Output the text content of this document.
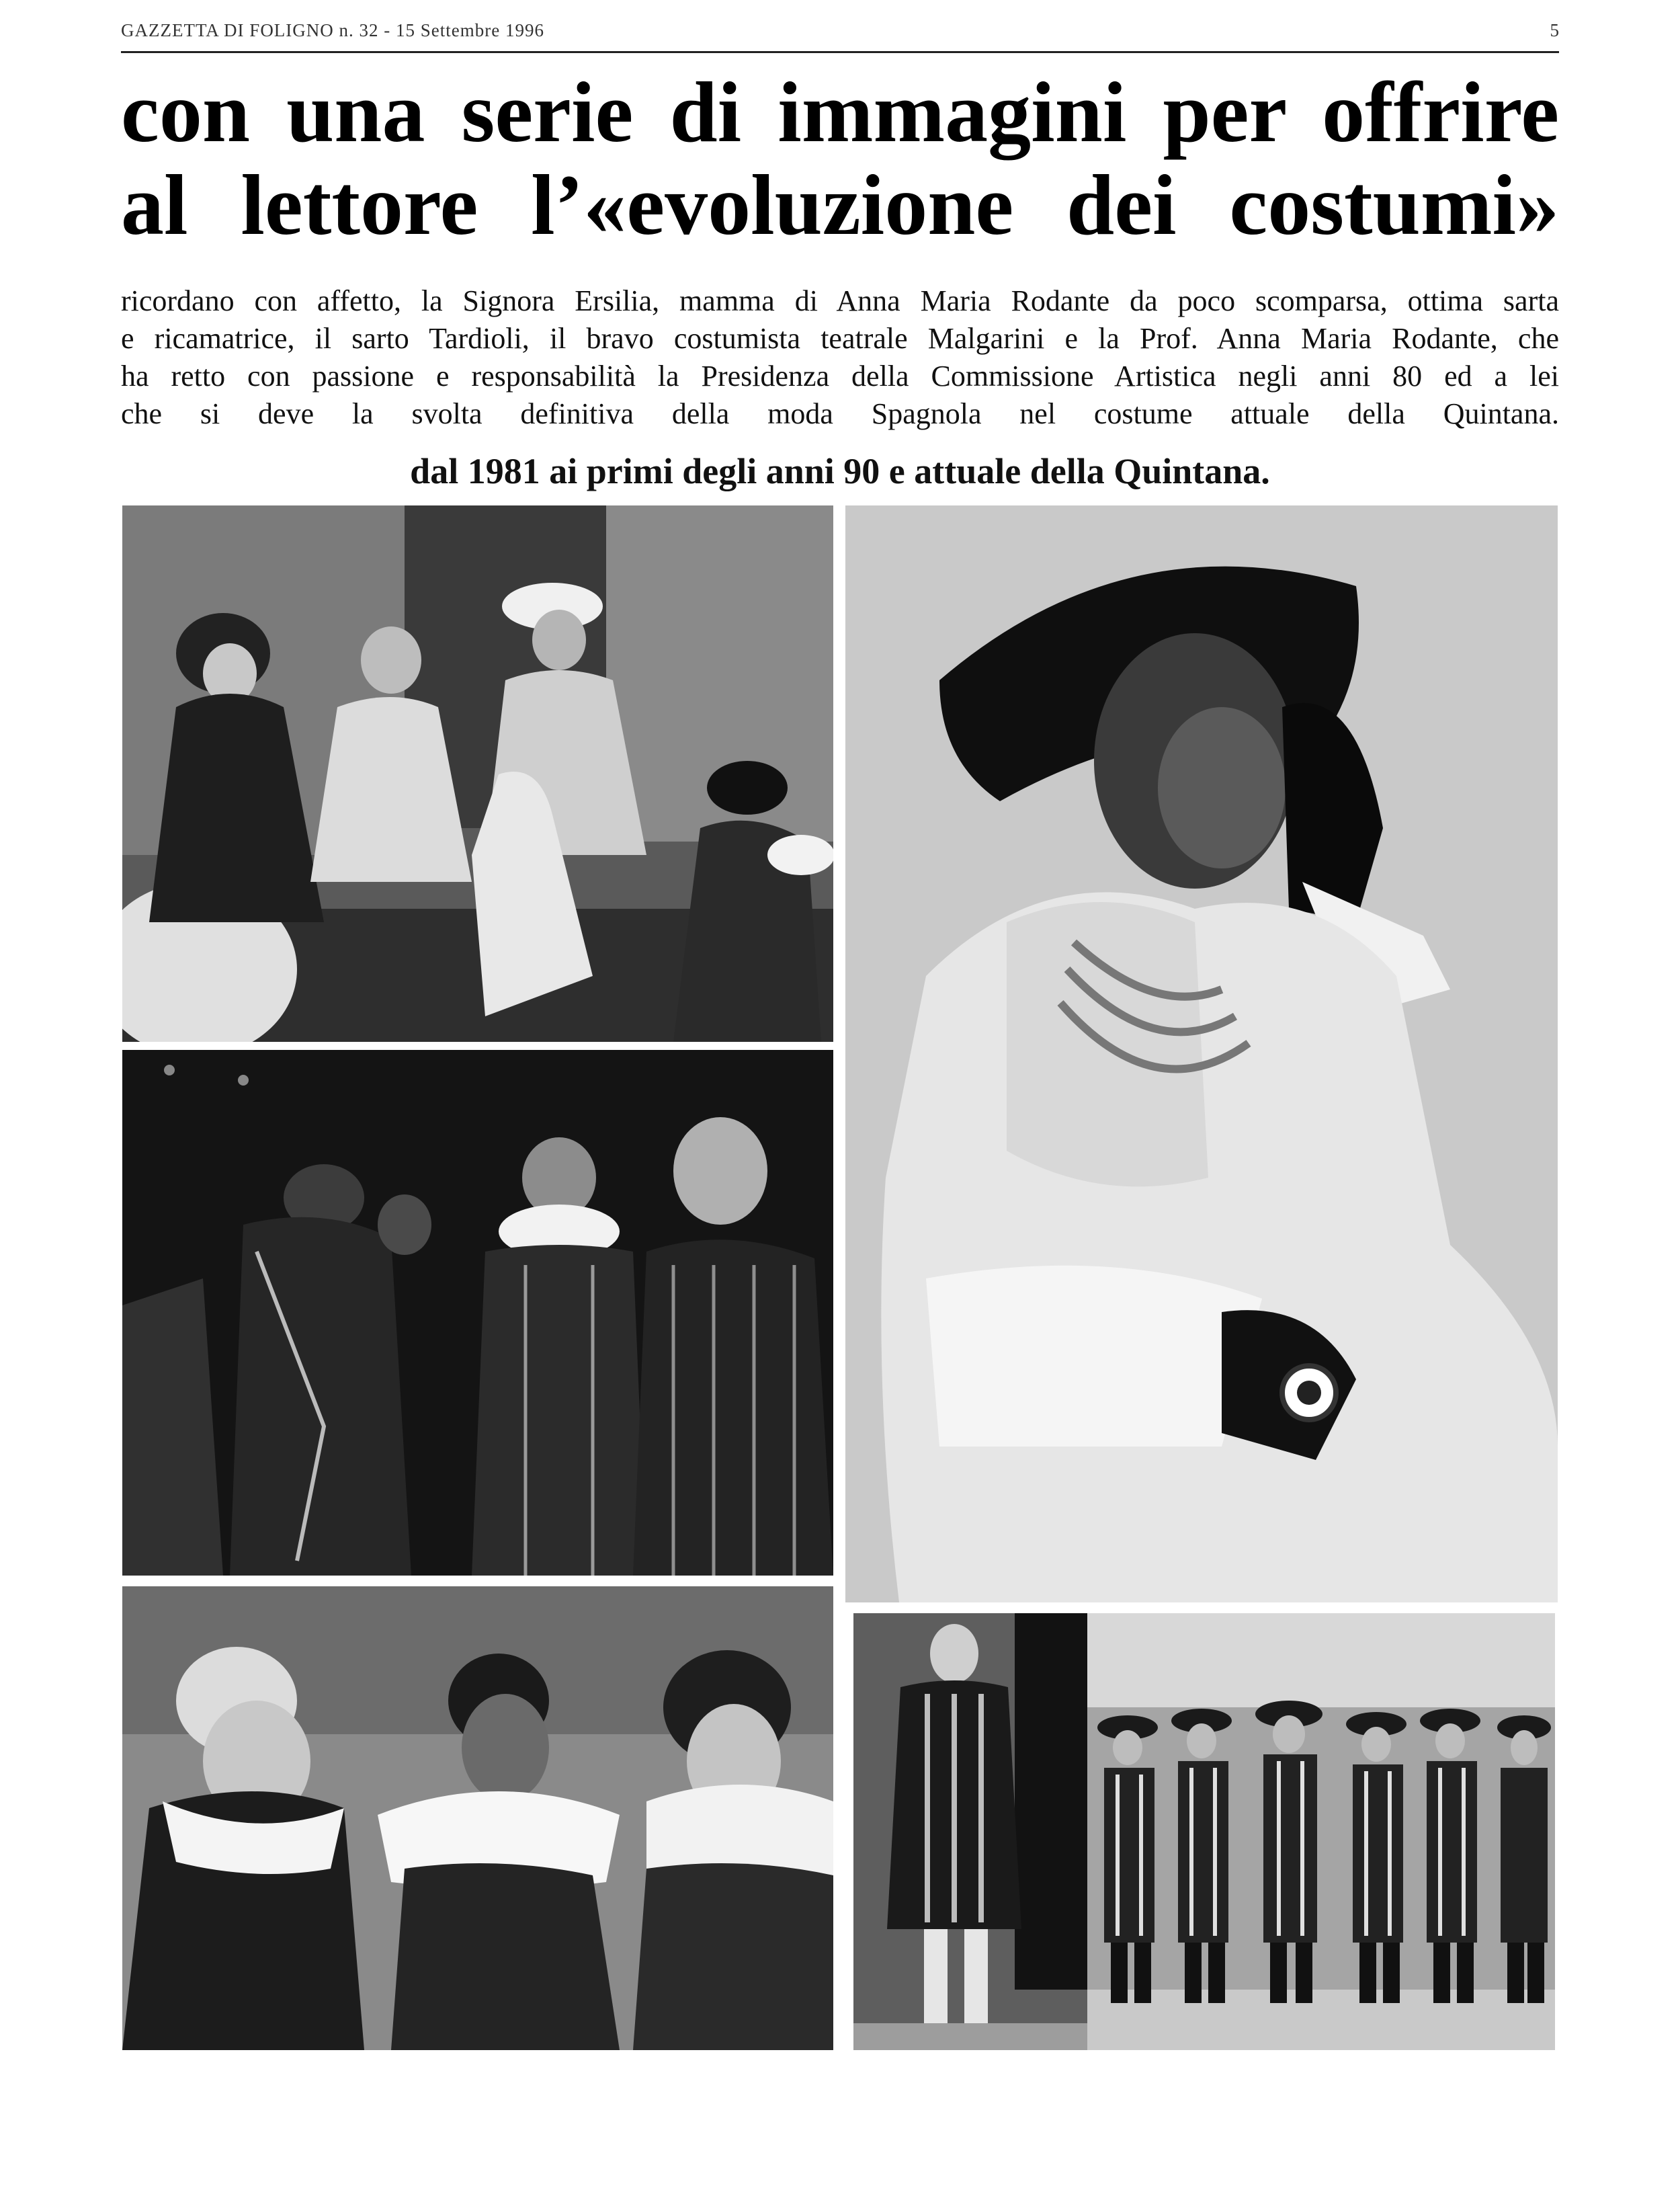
GAZZETTA DI FOLIGNO n. 32 - 15 Settembre 1996	5
con una serie di immagini per offrire
al lettore l’«evoluzione dei costumi»
ricordano con affetto, la Signora Ersilia, mamma di Anna Maria Rodante da poco scomparsa, ottima sarta
e ricamatrice, il sarto Tardioli, il bravo costumista teatrale Malgarini e la Prof. Anna Maria Rodante, che
ha retto con passione e responsabilità la Presidenza della Commissione Artistica negli anni 80 ed a lei
che si deve la svolta definitiva della moda Spagnola nel costume attuale della Quintana.
dal 1981 ai primi degli anni 90 e attuale della Quintana.
